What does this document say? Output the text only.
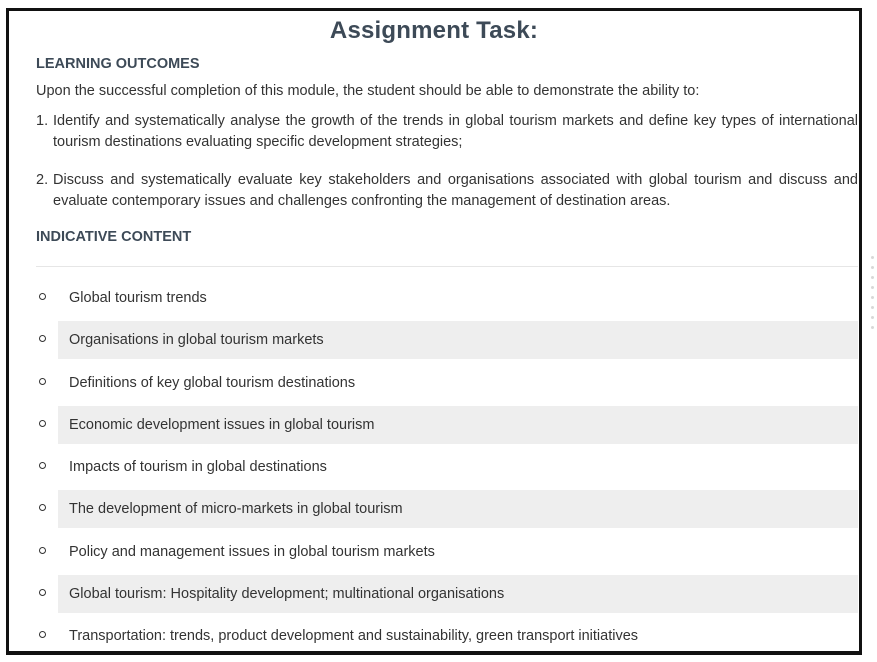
Assignment Task:
LEARNING OUTCOMES
Upon the successful completion of this module, the student should be able to demonstrate the ability to:
1. Identify and systematically analyse the growth of the trends in global tourism markets and define key types of international tourism destinations evaluating specific development strategies;
2. Discuss and systematically evaluate key stakeholders and organisations associated with global tourism and discuss and evaluate contemporary issues and challenges confronting the management of destination areas.
INDICATIVE CONTENT
Global tourism trends
Organisations in global tourism markets
Definitions of key global tourism destinations
Economic development issues in global tourism
Impacts of tourism in global destinations
The development of micro-markets in global tourism
Policy and management issues in global tourism markets
Global tourism: Hospitality development; multinational organisations
Transportation: trends, product development and sustainability, green transport initiatives
